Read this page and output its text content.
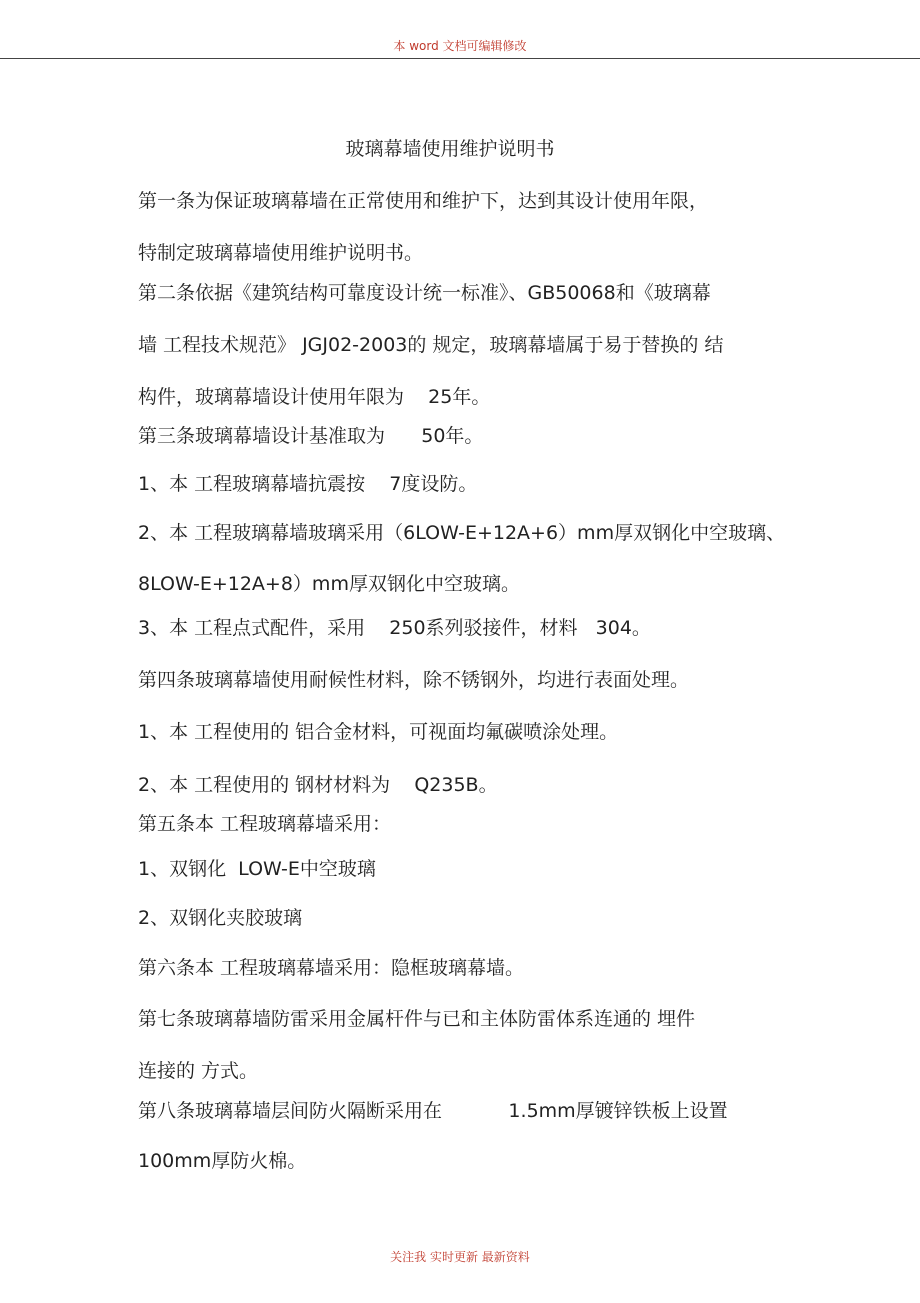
本 word 文档可编辑修改
玻璃幕墙使用维护说明书
第一条为保证玻璃幕墙在正常使用和维护下，达到其设计使用年限，
特制定玻璃幕墙使用维护说明书。
第二条依据《建筑结构可靠度设计统一标准》、GB50068和《玻璃幕
墙 工程技术规范》 JGJ02-2003的 规定，玻璃幕墙属于易于替换的 结
构件，玻璃幕墙设计使用年限为    25年。
第三条玻璃幕墙设计基准取为      50年。
1、本 工程玻璃幕墙抗震按    7度设防。
2、本 工程玻璃幕墙玻璃采用（6LOW-E+12A+6）mm厚双钢化中空玻璃、
8LOW-E+12A+8）mm厚双钢化中空玻璃。
3、本 工程点式配件，采用    250系列驳接件，材料   304。
第四条玻璃幕墙使用耐候性材料，除不锈钢外，均进行表面处理。
1、本 工程使用的 铝合金材料，可视面均氟碳喷涂处理。
2、本 工程使用的 钢材材料为    Q235B。
第五条本 工程玻璃幕墙采用：
1、双钢化  LOW-E中空玻璃
2、双钢化夹胶玻璃
第六条本 工程玻璃幕墙采用：隐框玻璃幕墙。
第七条玻璃幕墙防雷采用金属杆件与已和主体防雷体系连通的 埋件
连接的 方式。
第八条玻璃幕墙层间防火隔断采用在           1.5mm厚镀锌铁板上设置
100mm厚防火棉。
关注我 实时更新 最新资料
